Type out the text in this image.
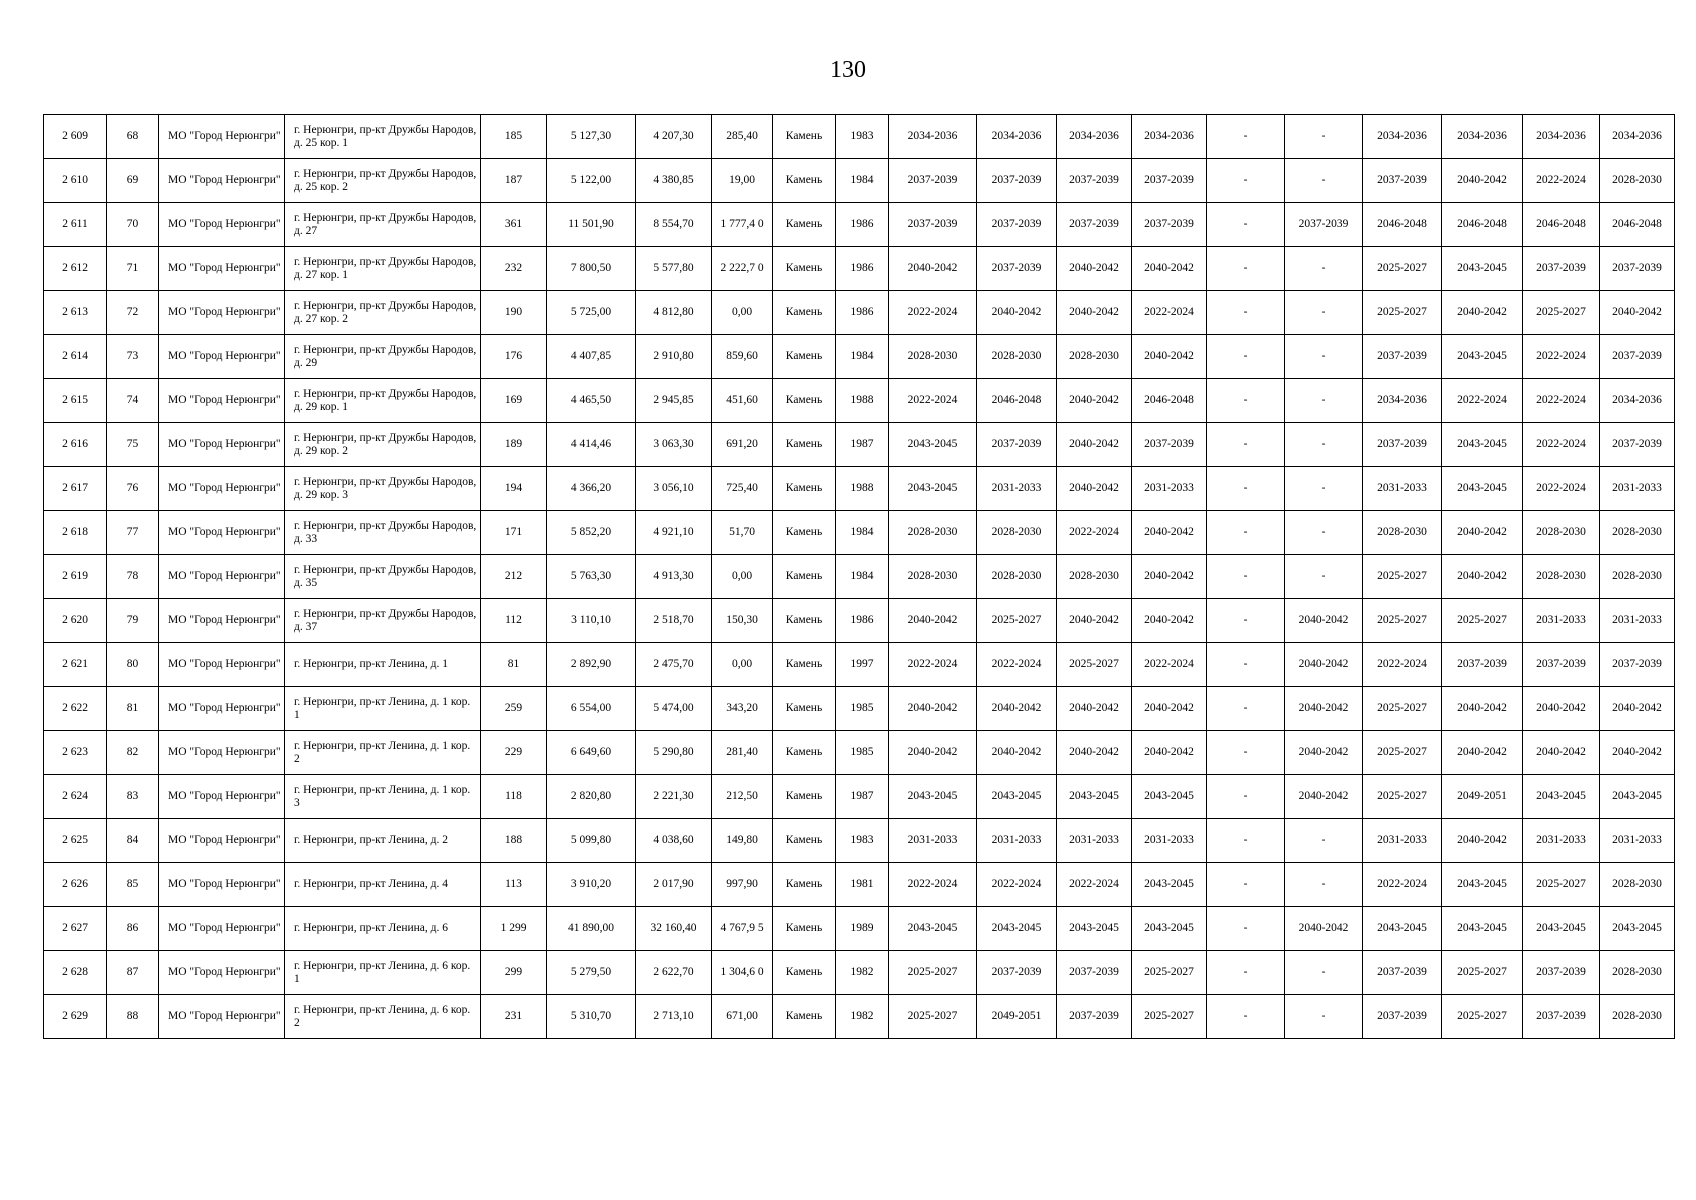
130
2 609	68	МО "Город Нерюнгри"	г. Нерюнгри, пр-кт Дружбы Народов, д. 25 кор. 1	185	5 127,30	4 207,30	285,40	Камень	1983	2034-2036	2034-2036	2034-2036	2034-2036	-	-	2034-2036	2034-2036	2034-2036	2034-2036
2 610	69	МО "Город Нерюнгри"	г. Нерюнгри, пр-кт Дружбы Народов, д. 25 кор. 2	187	5 122,00	4 380,85	19,00	Камень	1984	2037-2039	2037-2039	2037-2039	2037-2039	-	-	2037-2039	2040-2042	2022-2024	2028-2030
2 611	70	МО "Город Нерюнгри"	г. Нерюнгри, пр-кт Дружбы Народов, д. 27	361	11 501,90	8 554,70	1 777,4 0	Камень	1986	2037-2039	2037-2039	2037-2039	2037-2039	-	2037-2039	2046-2048	2046-2048	2046-2048	2046-2048
2 612	71	МО "Город Нерюнгри"	г. Нерюнгри, пр-кт Дружбы Народов, д. 27 кор. 1	232	7 800,50	5 577,80	2 222,7 0	Камень	1986	2040-2042	2037-2039	2040-2042	2040-2042	-	-	2025-2027	2043-2045	2037-2039	2037-2039
2 613	72	МО "Город Нерюнгри"	г. Нерюнгри, пр-кт Дружбы Народов, д. 27 кор. 2	190	5 725,00	4 812,80	0,00	Камень	1986	2022-2024	2040-2042	2040-2042	2022-2024	-	-	2025-2027	2040-2042	2025-2027	2040-2042
2 614	73	МО "Город Нерюнгри"	г. Нерюнгри, пр-кт Дружбы Народов, д. 29	176	4 407,85	2 910,80	859,60	Камень	1984	2028-2030	2028-2030	2028-2030	2040-2042	-	-	2037-2039	2043-2045	2022-2024	2037-2039
2 615	74	МО "Город Нерюнгри"	г. Нерюнгри, пр-кт Дружбы Народов, д. 29 кор. 1	169	4 465,50	2 945,85	451,60	Камень	1988	2022-2024	2046-2048	2040-2042	2046-2048	-	-	2034-2036	2022-2024	2022-2024	2034-2036
2 616	75	МО "Город Нерюнгри"	г. Нерюнгри, пр-кт Дружбы Народов, д. 29 кор. 2	189	4 414,46	3 063,30	691,20	Камень	1987	2043-2045	2037-2039	2040-2042	2037-2039	-	-	2037-2039	2043-2045	2022-2024	2037-2039
2 617	76	МО "Город Нерюнгри"	г. Нерюнгри, пр-кт Дружбы Народов, д. 29 кор. 3	194	4 366,20	3 056,10	725,40	Камень	1988	2043-2045	2031-2033	2040-2042	2031-2033	-	-	2031-2033	2043-2045	2022-2024	2031-2033
2 618	77	МО "Город Нерюнгри"	г. Нерюнгри, пр-кт Дружбы Народов, д. 33	171	5 852,20	4 921,10	51,70	Камень	1984	2028-2030	2028-2030	2022-2024	2040-2042	-	-	2028-2030	2040-2042	2028-2030	2028-2030
2 619	78	МО "Город Нерюнгри"	г. Нерюнгри, пр-кт Дружбы Народов, д. 35	212	5 763,30	4 913,30	0,00	Камень	1984	2028-2030	2028-2030	2028-2030	2040-2042	-	-	2025-2027	2040-2042	2028-2030	2028-2030
2 620	79	МО "Город Нерюнгри"	г. Нерюнгри, пр-кт Дружбы Народов, д. 37	112	3 110,10	2 518,70	150,30	Камень	1986	2040-2042	2025-2027	2040-2042	2040-2042	-	2040-2042	2025-2027	2025-2027	2031-2033	2031-2033
2 621	80	МО "Город Нерюнгри"	г. Нерюнгри, пр-кт Ленина, д. 1	81	2 892,90	2 475,70	0,00	Камень	1997	2022-2024	2022-2024	2025-2027	2022-2024	-	2040-2042	2022-2024	2037-2039	2037-2039	2037-2039
2 622	81	МО "Город Нерюнгри"	г. Нерюнгри, пр-кт Ленина, д. 1 кор. 1	259	6 554,00	5 474,00	343,20	Камень	1985	2040-2042	2040-2042	2040-2042	2040-2042	-	2040-2042	2025-2027	2040-2042	2040-2042	2040-2042
2 623	82	МО "Город Нерюнгри"	г. Нерюнгри, пр-кт Ленина, д. 1 кор. 2	229	6 649,60	5 290,80	281,40	Камень	1985	2040-2042	2040-2042	2040-2042	2040-2042	-	2040-2042	2025-2027	2040-2042	2040-2042	2040-2042
2 624	83	МО "Город Нерюнгри"	г. Нерюнгри, пр-кт Ленина, д. 1 кор. 3	118	2 820,80	2 221,30	212,50	Камень	1987	2043-2045	2043-2045	2043-2045	2043-2045	-	2040-2042	2025-2027	2049-2051	2043-2045	2043-2045
2 625	84	МО "Город Нерюнгри"	г. Нерюнгри, пр-кт Ленина, д. 2	188	5 099,80	4 038,60	149,80	Камень	1983	2031-2033	2031-2033	2031-2033	2031-2033	-	-	2031-2033	2040-2042	2031-2033	2031-2033
2 626	85	МО "Город Нерюнгри"	г. Нерюнгри, пр-кт Ленина, д. 4	113	3 910,20	2 017,90	997,90	Камень	1981	2022-2024	2022-2024	2022-2024	2043-2045	-	-	2022-2024	2043-2045	2025-2027	2028-2030
2 627	86	МО "Город Нерюнгри"	г. Нерюнгри, пр-кт Ленина, д. 6	1 299	41 890,00	32 160,40	4 767,9 5	Камень	1989	2043-2045	2043-2045	2043-2045	2043-2045	-	2040-2042	2043-2045	2043-2045	2043-2045	2043-2045
2 628	87	МО "Город Нерюнгри"	г. Нерюнгри, пр-кт Ленина, д. 6 кор. 1	299	5 279,50	2 622,70	1 304,6 0	Камень	1982	2025-2027	2037-2039	2037-2039	2025-2027	-	-	2037-2039	2025-2027	2037-2039	2028-2030
2 629	88	МО "Город Нерюнгри"	г. Нерюнгри, пр-кт Ленина, д. 6 кор. 2	231	5 310,70	2 713,10	671,00	Камень	1982	2025-2027	2049-2051	2037-2039	2025-2027	-	-	2037-2039	2025-2027	2037-2039	2028-2030
